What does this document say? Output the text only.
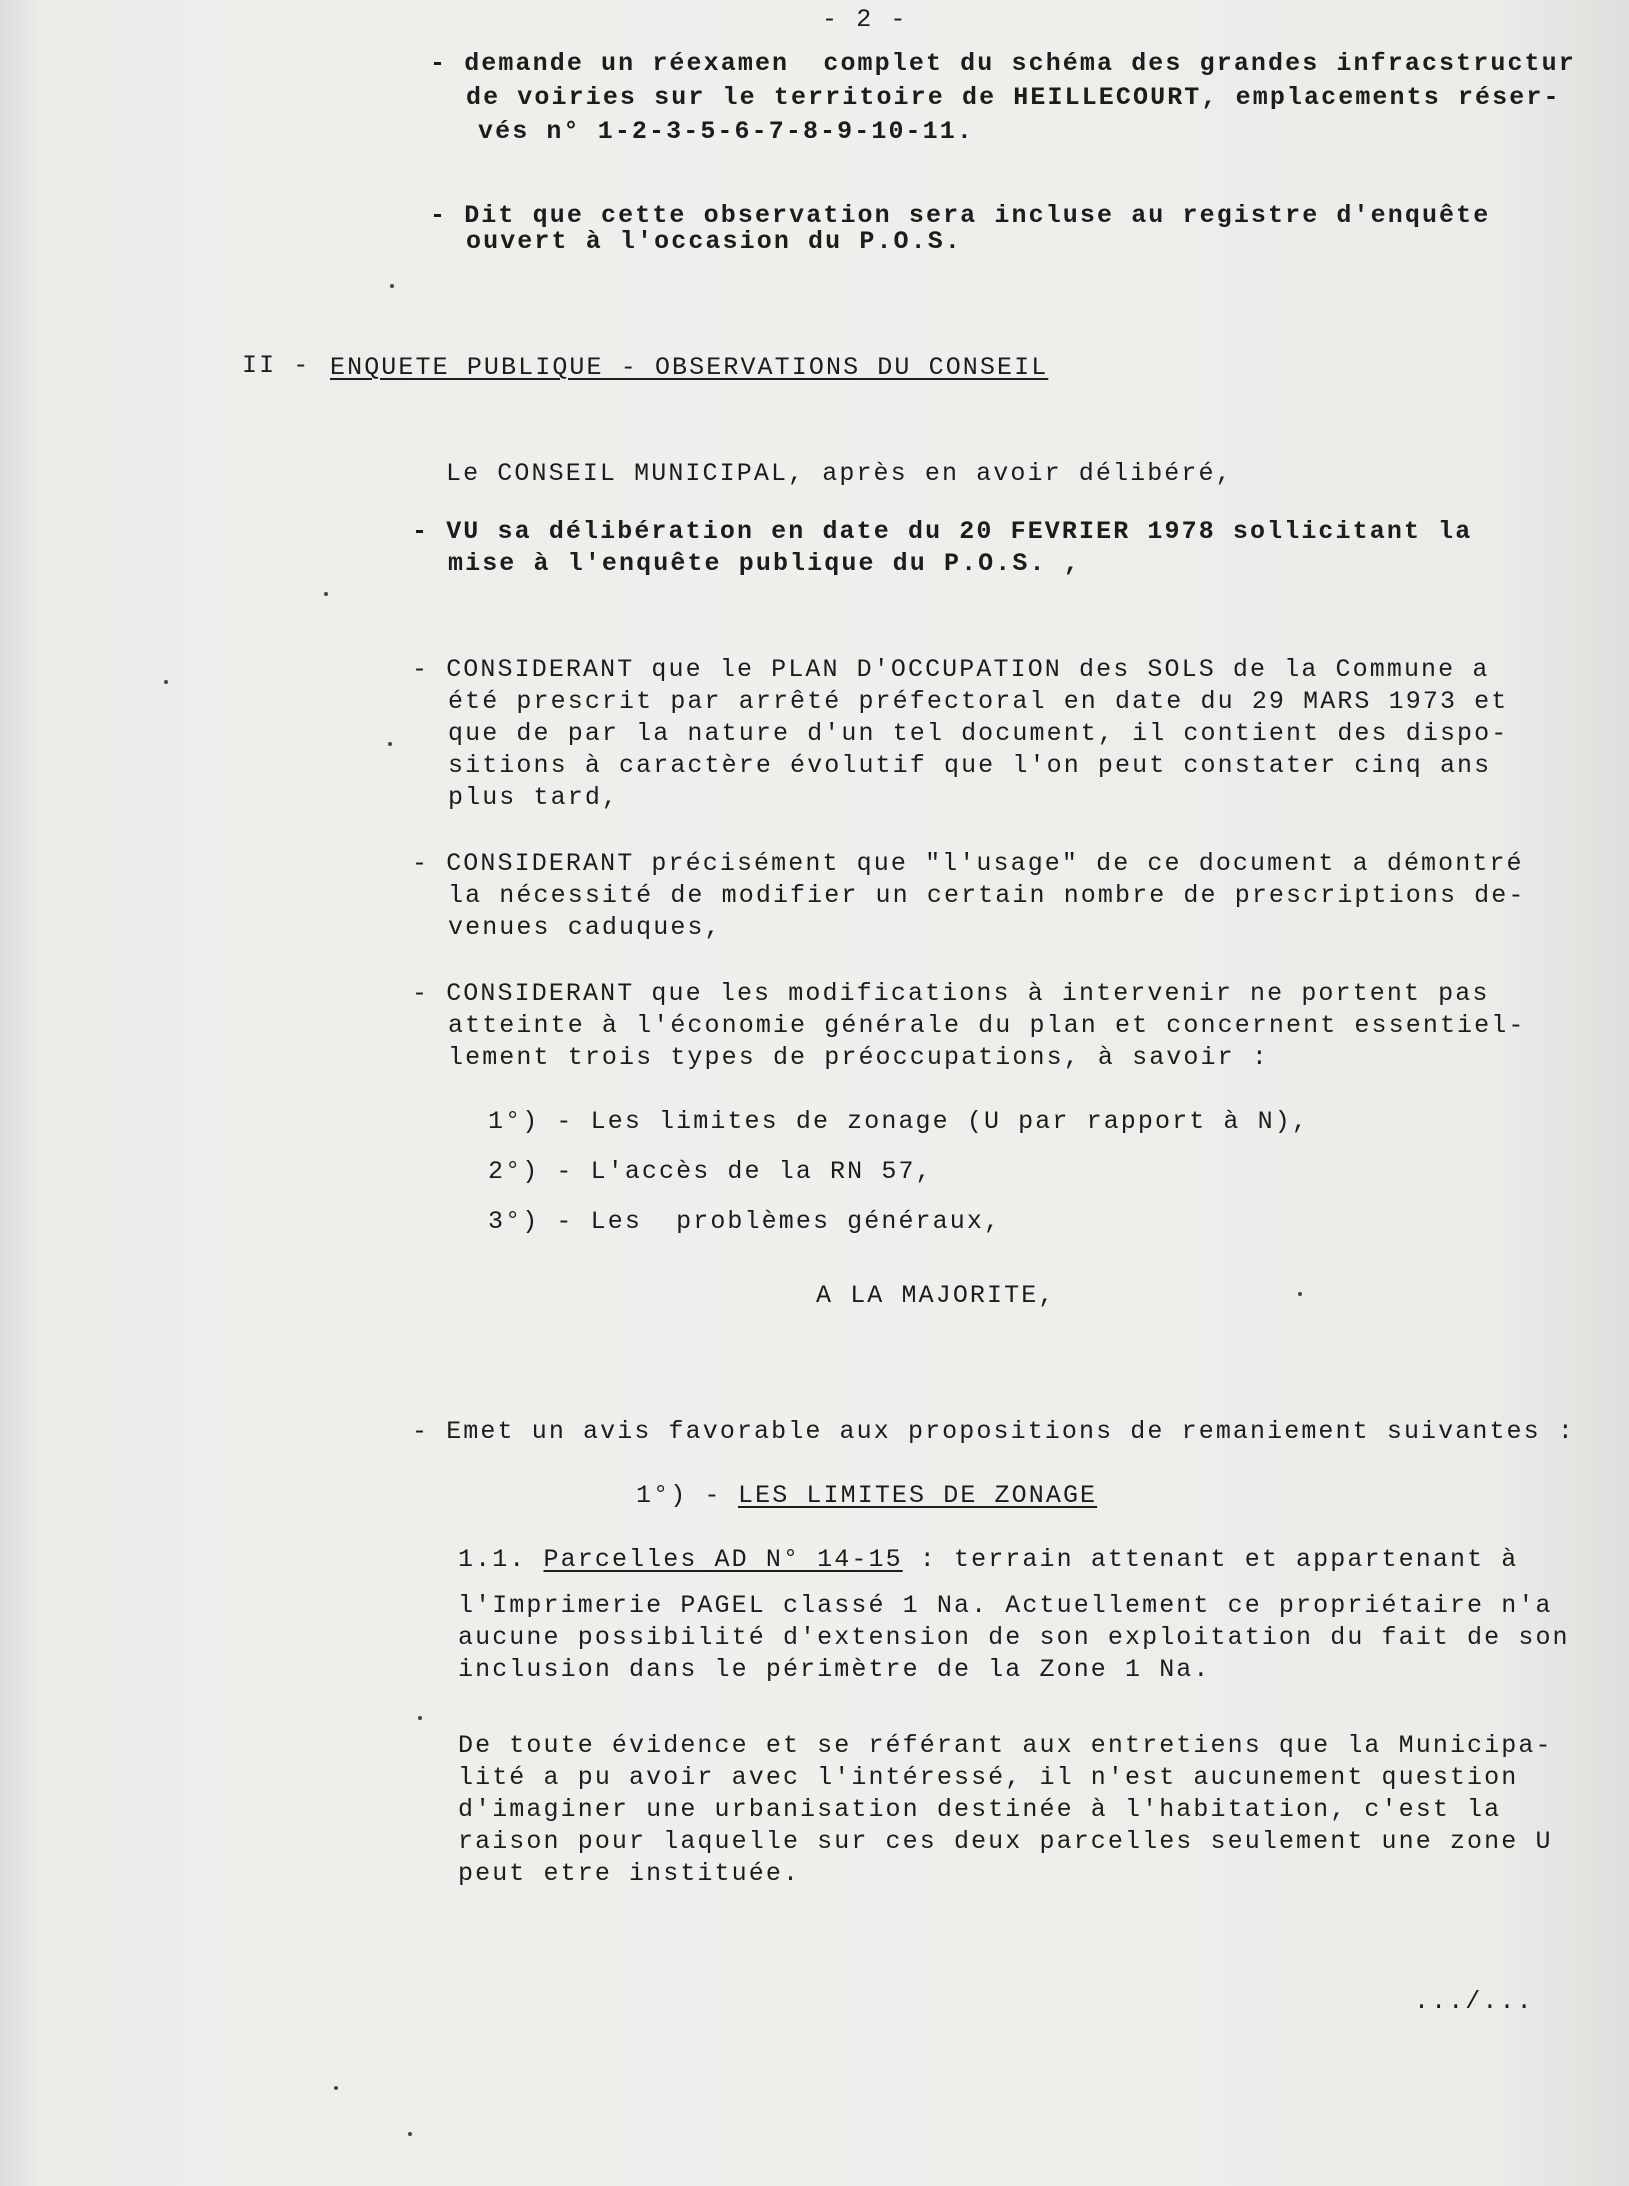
- 2 -
- demande un réexamen  complet du schéma des grandes infracstructur
de voiries sur le territoire de HEILLECOURT, emplacements réser-
vés n° 1-2-3-5-6-7-8-9-10-11.
- Dit que cette observation sera incluse au registre d'enquête
ouvert à l'occasion du P.O.S.
II - ENQUETE PUBLIQUE - OBSERVATIONS DU CONSEIL
Le CONSEIL MUNICIPAL, après en avoir délibéré,
- VU sa délibération en date du 20 FEVRIER 1978 sollicitant la
mise à l'enquête publique du P.O.S. ,
- CONSIDERANT que le PLAN D'OCCUPATION des SOLS de la Commune a
été prescrit par arrêté préfectoral en date du 29 MARS 1973 et
que de par la nature d'un tel document, il contient des dispo-
sitions à caractère évolutif que l'on peut constater cinq ans
plus tard,
- CONSIDERANT précisément que "l'usage" de ce document a démontré
la nécessité de modifier un certain nombre de prescriptions de-
venues caduques,
- CONSIDERANT que les modifications à intervenir ne portent pas
atteinte à l'économie générale du plan et concernent essentiel-
lement trois types de préoccupations, à savoir :
1°) - Les limites de zonage (U par rapport à N),
2°) - L'accès de la RN 57,
3°) - Les  problèmes généraux,
A LA MAJORITE,
- Emet un avis favorable aux propositions de remaniement suivantes :
1°) - LES LIMITES DE ZONAGE
1.1. Parcelles AD N° 14-15 : terrain attenant et appartenant à
l'Imprimerie PAGEL classé 1 Na. Actuellement ce propriétaire n'a
aucune possibilité d'extension de son exploitation du fait de son
inclusion dans le périmètre de la Zone 1 Na.
De toute évidence et se référant aux entretiens que la Municipa-
lité a pu avoir avec l'intéressé, il n'est aucunement question
d'imaginer une urbanisation destinée à l'habitation, c'est la
raison pour laquelle sur ces deux parcelles seulement une zone U
peut etre instituée.
.../...
